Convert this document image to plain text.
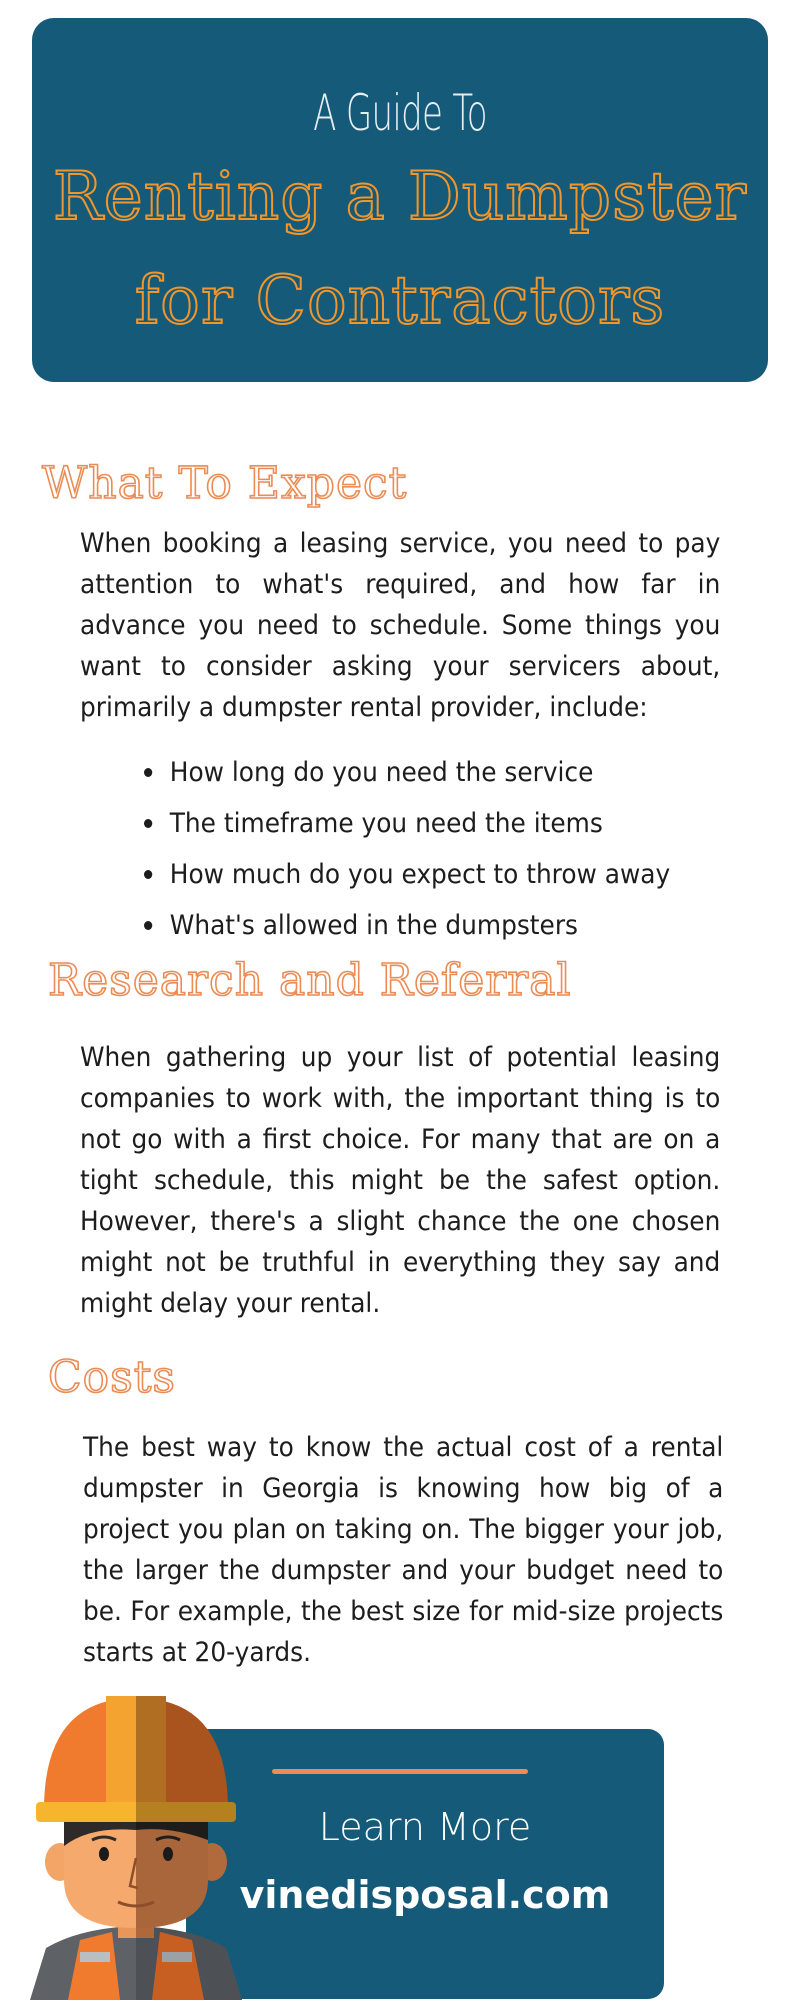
A Guide To
Renting a Dumpster
for Contractors
What To Expect

When booking a leasing service, you need to pay attention to what's required, and how far in advance you need to schedule. Some things you want to consider asking your servicers about, primarily a dumpster rental provider, include:

How long do you need the service
The timeframe you need the items
How much do you expect to throw away
What's allowed in the dumpsters
Research and Referral

When gathering up your list of potential leasing companies to work with, the important thing is to not go with a first choice. For many that are on a tight schedule, this might be the safest option. However, there's a slight chance the one chosen might not be truthful in everything they say and might delay your rental.

Costs

The best way to know the actual cost of a rental dumpster in Georgia is knowing how big of a project you plan on taking on. The bigger your job, the larger the dumpster and your budget need to be. For example, the best size for mid-size projects starts at 20-yards.

Learn More
vinedisposal.com
